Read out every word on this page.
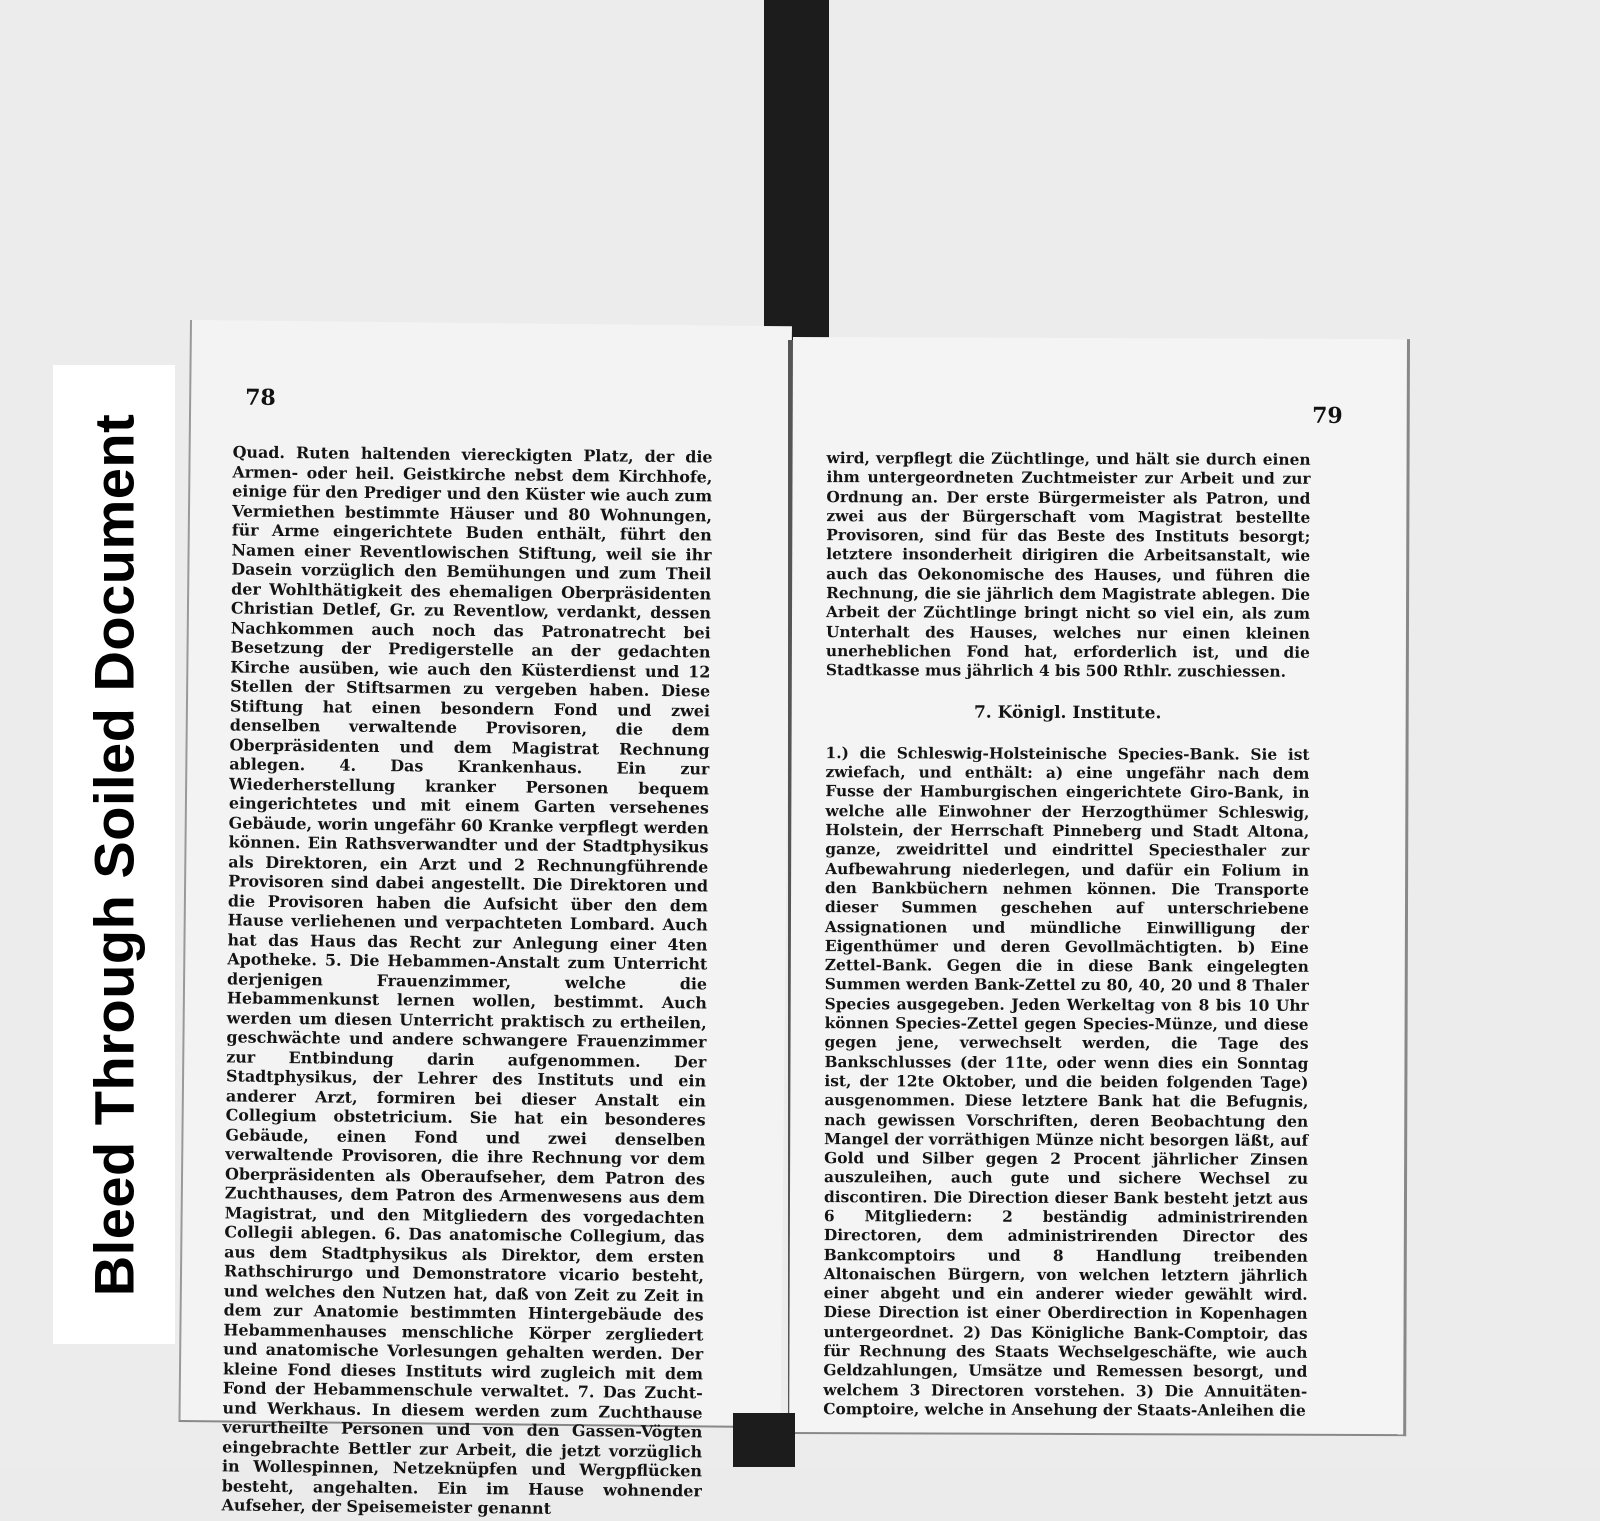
78

Quad. Ruten haltenden viereckigten Platz, der die Armen- oder heil. Geistkirche nebst dem Kirchhofe, einige für den Prediger und den Küster wie auch zum Vermiethen bestimmte Häuser und 80 Wohnungen, für Arme eingerichtete Buden enthält, führt den Namen einer Reventlowischen Stiftung, weil sie ihr Dasein vorzüglich den Bemühungen und zum Theil der Wohlthätigkeit des ehemaligen Oberpräsidenten Christian Detlef, Gr. zu Reventlow, verdankt, dessen Nachkommen auch noch das Patronatrecht bei Besetzung der Predigerstelle an der gedachten Kirche ausüben, wie auch den Küsterdienst und 12 Stellen der Stiftsarmen zu vergeben haben. Diese Stiftung hat einen besondern Fond und zwei denselben verwaltende Provisoren, die dem Oberpräsidenten und dem Magistrat Rechnung ablegen. 4. Das Krankenhaus. Ein zur Wiederherstellung kranker Personen bequem eingerichtetes und mit einem Garten versehenes Gebäude, worin ungefähr 60 Kranke verpflegt werden können. Ein Rathsverwandter und der Stadtphysikus als Direktoren, ein Arzt und 2 Rechnungführende Provisoren sind dabei angestellt. Die Direktoren und die Provisoren haben die Aufsicht über den dem Hause verliehenen und verpachteten Lombard. Auch hat das Haus das Recht zur Anlegung einer 4ten Apotheke. 5. Die Hebammen-Anstalt zum Unterricht derjenigen Frauenzimmer, welche die Hebammenkunst lernen wollen, bestimmt. Auch werden um diesen Unterricht praktisch zu ertheilen, geschwächte und andere schwangere Frauenzimmer zur Entbindung darin aufgenommen. Der Stadtphysikus, der Lehrer des Instituts und ein anderer Arzt, formiren bei dieser Anstalt ein Collegium obstetricium. Sie hat ein besonderes Gebäude, einen Fond und zwei denselben verwaltende Provisoren, die ihre Rechnung vor dem Oberpräsidenten als Oberaufseher, dem Patron des Zuchthauses, dem Patron des Armenwesens aus dem Magistrat, und den Mitgliedern des vorgedachten Collegii ablegen. 6. Das anatomische Collegium, das aus dem Stadtphysikus als Direktor, dem ersten Rathschirurgo und Demonstratore vicario besteht, und welches den Nutzen hat, daß von Zeit zu Zeit in dem zur Anatomie bestimmten Hintergebäude des Hebammenhauses menschliche Körper zergliedert und anatomische Vorlesungen gehalten werden. Der kleine Fond dieses Instituts wird zugleich mit dem Fond der Hebammenschule verwaltet. 7. Das Zucht- und Werkhaus. In diesem werden zum Zuchthause verurtheilte Personen und von den Gassen-Vögten eingebrachte Bettler zur Arbeit, die jetzt vorzüglich in Wollespinnen, Netzeknüpfen und Wergpflücken besteht, angehalten. Ein im Hause wohnender Aufseher, der Speisemeister genannt

79

wird, verpflegt die Züchtlinge, und hält sie durch einen ihm untergeordneten Zuchtmeister zur Arbeit und zur Ordnung an. Der erste Bürgermeister als Patron, und zwei aus der Bürgerschaft vom Magistrat bestellte Provisoren, sind für das Beste des Instituts besorgt; letztere insonderheit dirigiren die Arbeitsanstalt, wie auch das Oekonomische des Hauses, und führen die Rechnung, die sie jährlich dem Magistrate ablegen. Die Arbeit der Züchtlinge bringt nicht so viel ein, als zum Unterhalt des Hauses, welches nur einen kleinen unerheblichen Fond hat, erforderlich ist, und die Stadtkasse mus jährlich 4 bis 500 Rthlr. zuschiessen.

7. Königl. Institute.

1.) die Schleswig-Holsteinische Species-Bank. Sie ist zwiefach, und enthält: a) eine ungefähr nach dem Fusse der Hamburgischen eingerichtete Giro-Bank, in welche alle Einwohner der Herzogthümer Schleswig, Holstein, der Herrschaft Pinneberg und Stadt Altona, ganze, zweidrittel und eindrittel Speciesthaler zur Aufbewahrung niederlegen, und dafür ein Folium in den Bankbüchern nehmen können. Die Transporte dieser Summen geschehen auf unterschriebene Assignationen und mündliche Einwilligung der Eigenthümer und deren Gevollmächtigten. b) Eine Zettel-Bank. Gegen die in diese Bank eingelegten Summen werden Bank-Zettel zu 80, 40, 20 und 8 Thaler Species ausgegeben. Jeden Werkeltag von 8 bis 10 Uhr können Species-Zettel gegen Species-Münze, und diese gegen jene, verwechselt werden, die Tage des Bankschlusses (der 11te, oder wenn dies ein Sonntag ist, der 12te Oktober, und die beiden folgenden Tage) ausgenommen. Diese letztere Bank hat die Befugnis, nach gewissen Vorschriften, deren Beobachtung den Mangel der vorräthigen Münze nicht besorgen läßt, auf Gold und Silber gegen 2 Procent jährlicher Zinsen auszuleihen, auch gute und sichere Wechsel zu discontiren. Die Direction dieser Bank besteht jetzt aus 6 Mitgliedern: 2 beständig administrirenden Directoren, dem administrirenden Director des Bankcomptoirs und 8 Handlung treibenden Altonaischen Bürgern, von welchen letztern jährlich einer abgeht und ein anderer wieder gewählt wird. Diese Direction ist einer Oberdirection in Kopenhagen untergeordnet. 2) Das Königliche Bank-Comptoir, das für Rechnung des Staats Wechselgeschäfte, wie auch Geldzahlungen, Umsätze und Remessen besorgt, und welchem 3 Directoren vorstehen. 3) Die Annuitäten-Comptoire, welche in Ansehung der Staats-Anleihen die

Bleed Through Soiled Document
